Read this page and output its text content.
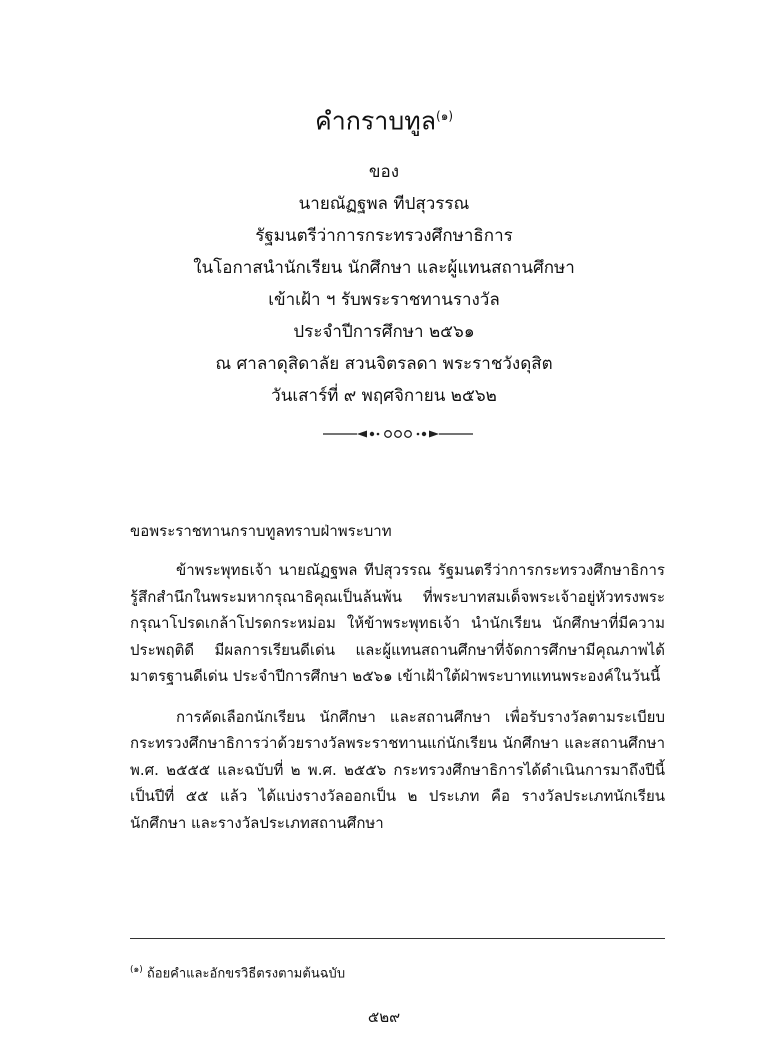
คำกราบทูล$^{(๑)}$
ของ
นายณัฏฐพล ทีปสุวรรณ
รัฐมนตรีว่าการกระทรวงศึกษาธิการ
ในโอกาสนำนักเรียน นักศึกษา และผู้แทนสถานศึกษา
เข้าเฝ้า ฯ รับพระราชทานรางวัล
ประจำปีการศึกษา ๒๕๖๑
ณ ศาลาดุสิดาลัย สวนจิตรลดา พระราชวังดุสิต
วันเสาร์ที่ ๙ พฤศจิกายน ๒๕๖๒

ขอพระราชทานกราบทูลทราบฝ่าพระบาท

ข้าพระพุทธเจ้า นายณัฏฐพล ทีปสุวรรณ รัฐมนตรีว่าการกระทรวงศึกษาธิการ รู้สึกสำนึกในพระมหากรุณาธิคุณเป็นล้นพ้น ที่พระบาทสมเด็จพระเจ้าอยู่หัวทรงพระกรุณาโปรดเกล้าโปรดกระหม่อม ให้ข้าพระพุทธเจ้า นำนักเรียน นักศึกษาที่มีความประพฤติดี มีผลการเรียนดีเด่น และผู้แทนสถานศึกษาที่จัดการศึกษามีคุณภาพได้มาตรฐานดีเด่น ประจำปีการศึกษา ๒๕๖๑ เข้าเฝ้าใต้ฝ่าพระบาทแทนพระองค์ในวันนี้

การคัดเลือกนักเรียน นักศึกษา และสถานศึกษา เพื่อรับรางวัลตามระเบียบกระทรวงศึกษาธิการว่าด้วยรางวัลพระราชทานแก่นักเรียน นักศึกษา และสถานศึกษา พ.ศ. ๒๕๕๕ และฉบับที่ ๒ พ.ศ. ๒๕๕๖ กระทรวงศึกษาธิการได้ดำเนินการมาถึงปีนี้เป็นปีที่ ๕๕ แล้ว ได้แบ่งรางวัลออกเป็น ๒ ประเภท คือ รางวัลประเภทนักเรียนนักศึกษา และรางวัลประเภทสถานศึกษา

$^{(๑)}$ ถ้อยคำและอักขรวิธีตรงตามต้นฉบับ
๕๒๙
